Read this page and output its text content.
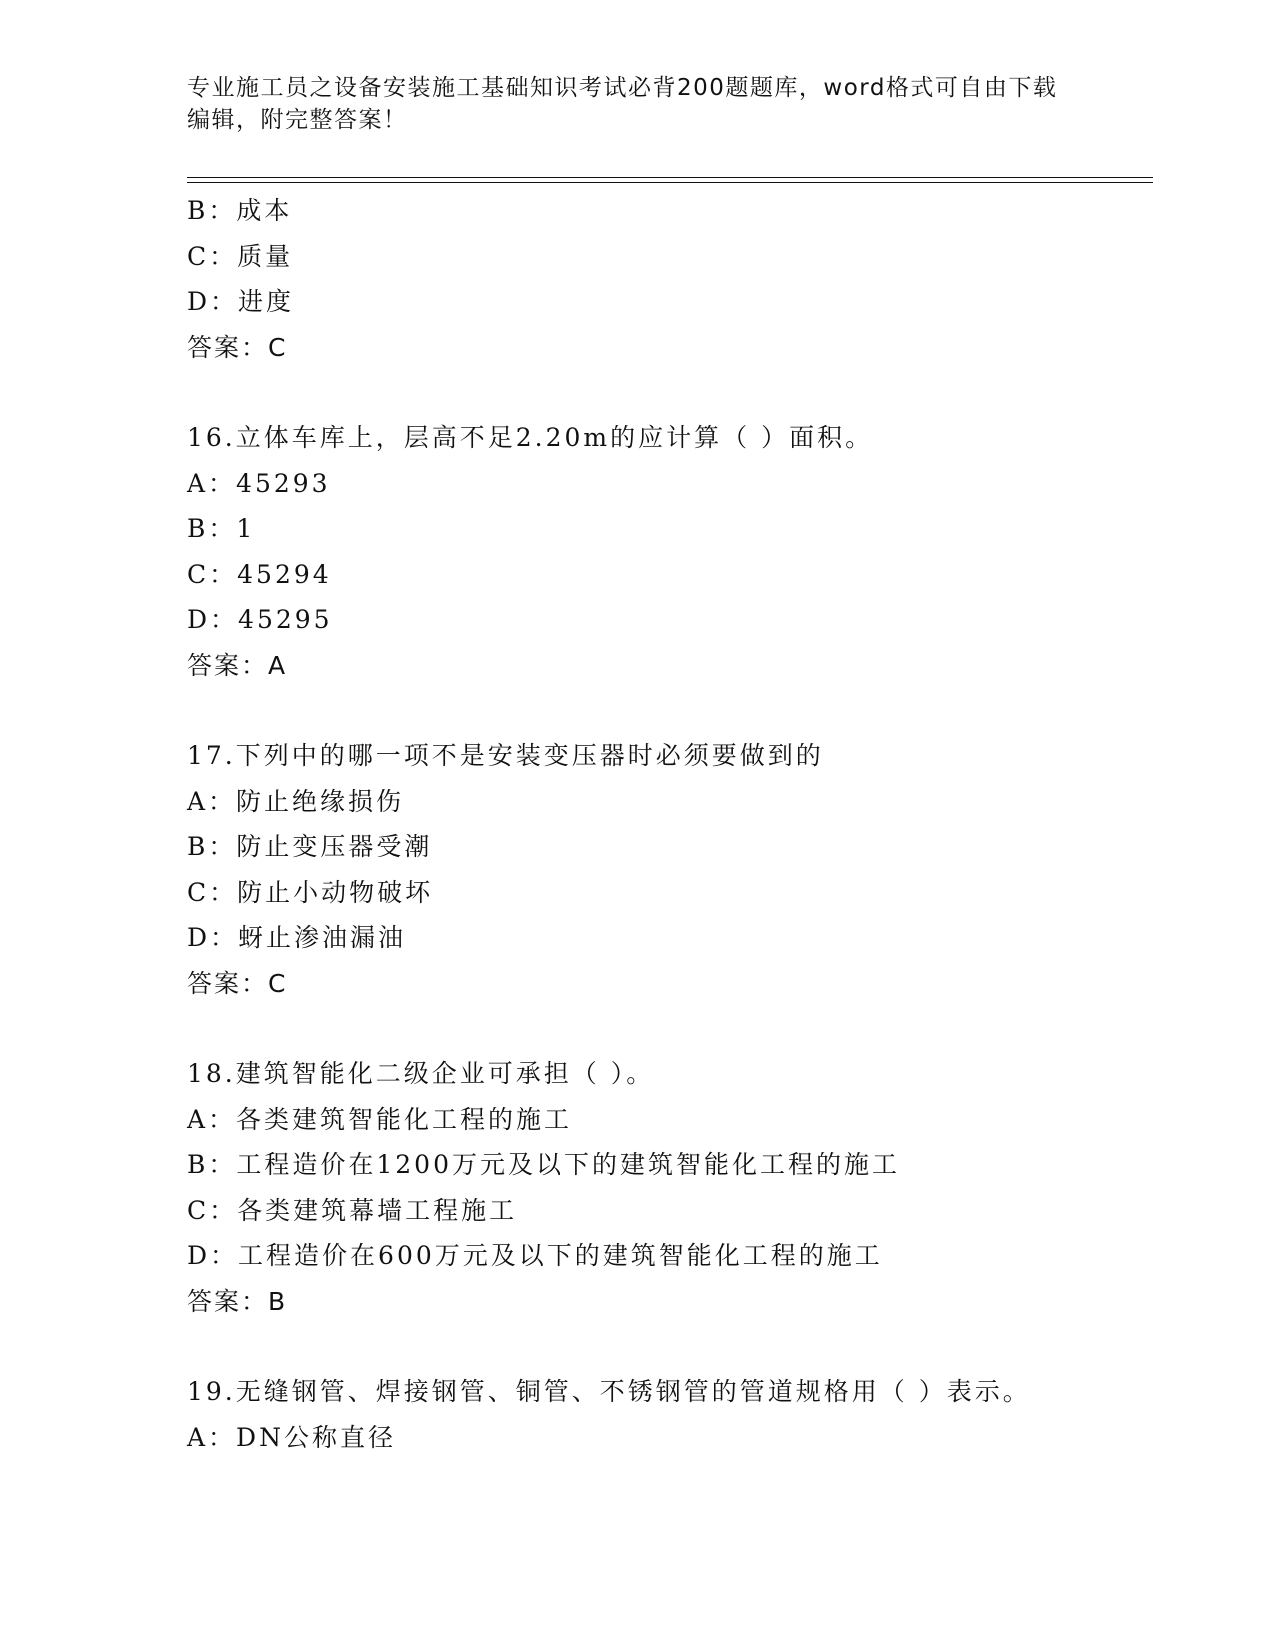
专业施工员之设备安装施工基础知识考试必背200题题库，word格式可自由下载
编辑，附完整答案！
B：成本
C：质量
D：进度
答案：C
16.立体车库上，层高不足2.20m的应计算（ ）面积。
A：45293
B：1
C：45294
D：45295
答案：A
17.下列中的哪一项不是安装变压器时必须要做到的
A：防止绝缘损伤
B：防止变压器受潮
C：防止小动物破坏
D：蚜止渗油漏油
答案：C
18.建筑智能化二级企业可承担（ ）。
A：各类建筑智能化工程的施工
B：工程造价在1200万元及以下的建筑智能化工程的施工
C：各类建筑幕墙工程施工
D：工程造价在600万元及以下的建筑智能化工程的施工
答案：B
19.无缝钢管、焊接钢管、铜管、不锈钢管的管道规格用（ ）表示。
A：DN公称直径
